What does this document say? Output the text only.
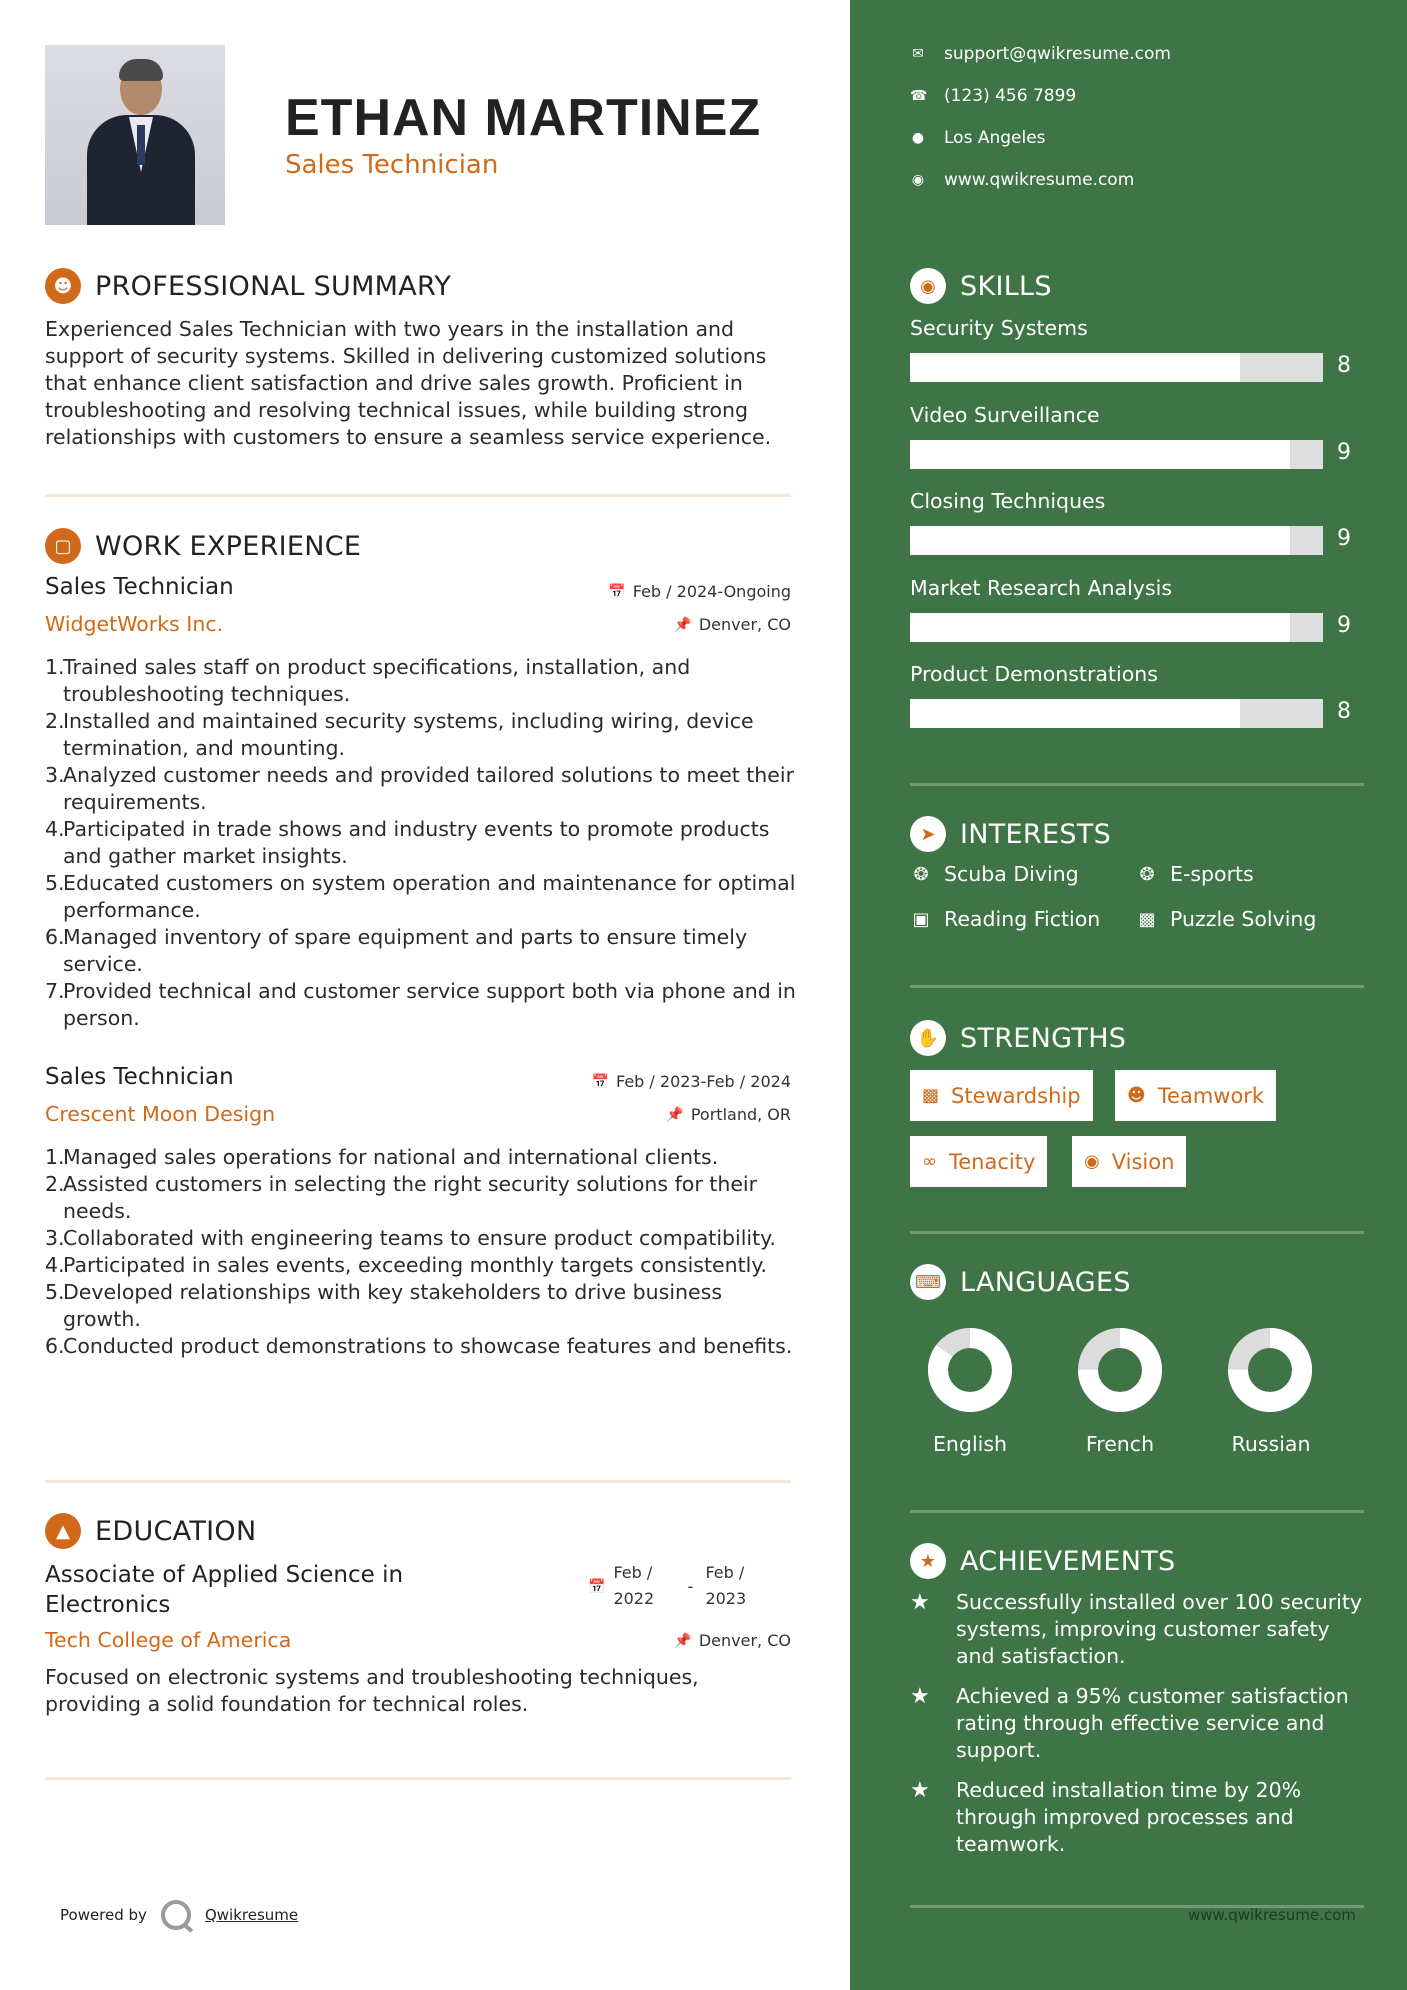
ETHAN MARTINEZ
Sales Technician
☻ PROFESSIONAL SUMMARY
Experienced Sales Technician with two years in the installation and support of security systems. Skilled in delivering customized solutions that enhance client satisfaction and drive sales growth. Proficient in troubleshooting and resolving technical issues, while building strong relationships with customers to ensure a seamless service experience.
▢ WORK EXPERIENCE
Sales Technician
WidgetWorks Inc.
📅 Feb / 2024-Ongoing
📌 Denver, CO
1.
Trained sales staff on product specifications, installation, and troubleshooting techniques.
2.
Installed and maintained security systems, including wiring, device termination, and mounting.
3.
Analyzed customer needs and provided tailored solutions to meet their requirements.
4.
Participated in trade shows and industry events to promote products and gather market insights.
5.
Educated customers on system operation and maintenance for optimal performance.
6.
Managed inventory of spare equipment and parts to ensure timely service.
7.
Provided technical and customer service support both via phone and in person.
Sales Technician
Crescent Moon Design
📅 Feb / 2023-Feb / 2024
📌 Portland, OR
1.
Managed sales operations for national and international clients.
2.
Assisted customers in selecting the right security solutions for their needs.
3.
Collaborated with engineering teams to ensure product compatibility.
4.
Participated in sales events, exceeding monthly targets consistently.
5.
Developed relationships with key stakeholders to drive business growth.
6.
Conducted product demonstrations to showcase features and benefits.
▲ EDUCATION
Associate of Applied Science in
Electronics
📅
Feb /
2022
-
Feb /
2023
Tech College of America	📌 Denver, CO
Focused on electronic systems and troubleshooting techniques, providing a solid foundation for technical roles.
Powered by	Qwikresume
✉ support@qwikresume.com
☎ (123) 456 7899
● Los Angeles
◉ www.qwikresume.com
◉ SKILLS
Security Systems
8
Video Surveillance
9
Closing Techniques
9
Market Research Analysis
9
Product Demonstrations
8
➤ INTERESTS
❂ Scuba Diving	❂ E-sports
▣ Reading Fiction ▩ Puzzle Solving
✋ STRENGTHS
▩ Stewardship	☻ Teamwork
∞ Tenacity	◉ Vision
⌨ LANGUAGES
English	French	Russian
★ ACHIEVEMENTS
★	Successfully installed over 100 security systems, improving customer safety and satisfaction.
★	Achieved a 95% customer satisfaction rating through effective service and support.
★	Reduced installation time by 20% through improved processes and teamwork.
www.qwikresume.com
